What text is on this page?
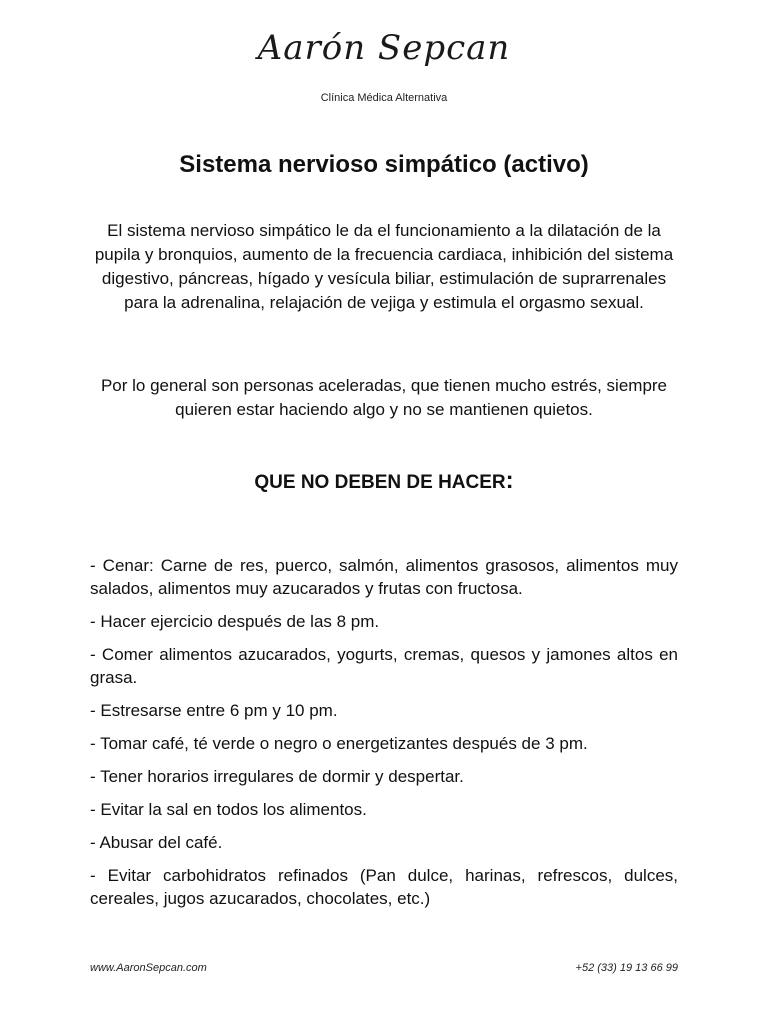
Aarón Sepcan
Clínica Médica Alternativa
Sistema nervioso simpático (activo)

El sistema nervioso simpático le da el funcionamiento a la dilatación de la pupila y bronquios, aumento de la frecuencia cardiaca, inhibición del sistema digestivo, páncreas, hígado y vesícula biliar, estimulación de suprarrenales para la adrenalina, relajación de vejiga y estimula el orgasmo sexual.

Por lo general son personas aceleradas, que tienen mucho estrés, siempre quieren estar haciendo algo y no se mantienen quietos.

QUE NO DEBEN DE HACER:
- Cenar: Carne de res, puerco, salmón, alimentos grasosos, alimentos muy salados, alimentos muy azucarados y frutas con fructosa.
- Hacer ejercicio después de las 8 pm.
- Comer alimentos azucarados, yogurts, cremas, quesos y jamones altos en grasa.
- Estresarse entre 6 pm y 10 pm.
- Tomar café, té verde o negro o energetizantes después de 3 pm.
- Tener horarios irregulares de dormir y despertar.
- Evitar la sal en todos los alimentos.
- Abusar del café.
- Evitar carbohidratos refinados (Pan dulce, harinas, refrescos, dulces, cereales, jugos azucarados, chocolates, etc.)
www.AaronSepcan.com	+52 (33) 19 13 66 99
